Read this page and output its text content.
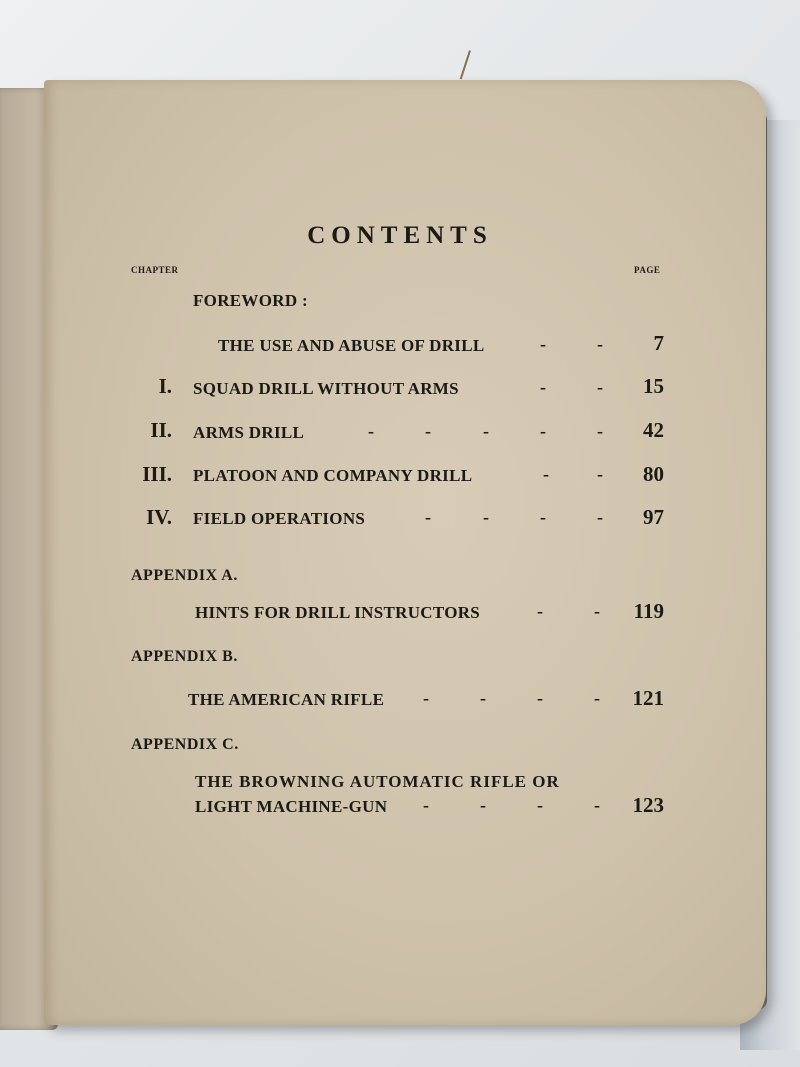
CONTENTS
CHAPTER	PAGE
FOREWORD :
THE USE AND ABUSE OF DRILL	-	-	7
I. SQUAD DRILL WITHOUT ARMS	-	-	15
II. ARMS DRILL	-	-	-	-	-	42
III. PLATOON AND COMPANY DRILL	-	-	80
IV. FIELD OPERATIONS	-	-	-	-	97
APPENDIX A.
HINTS FOR DRILL INSTRUCTORS	-	-	119
APPENDIX B.
THE AMERICAN RIFLE -	-	-	-	121
APPENDIX C.
THE BROWNING AUTOMATIC RIFLE OR
LIGHT MACHINE-GUN -	-	-	-	123
